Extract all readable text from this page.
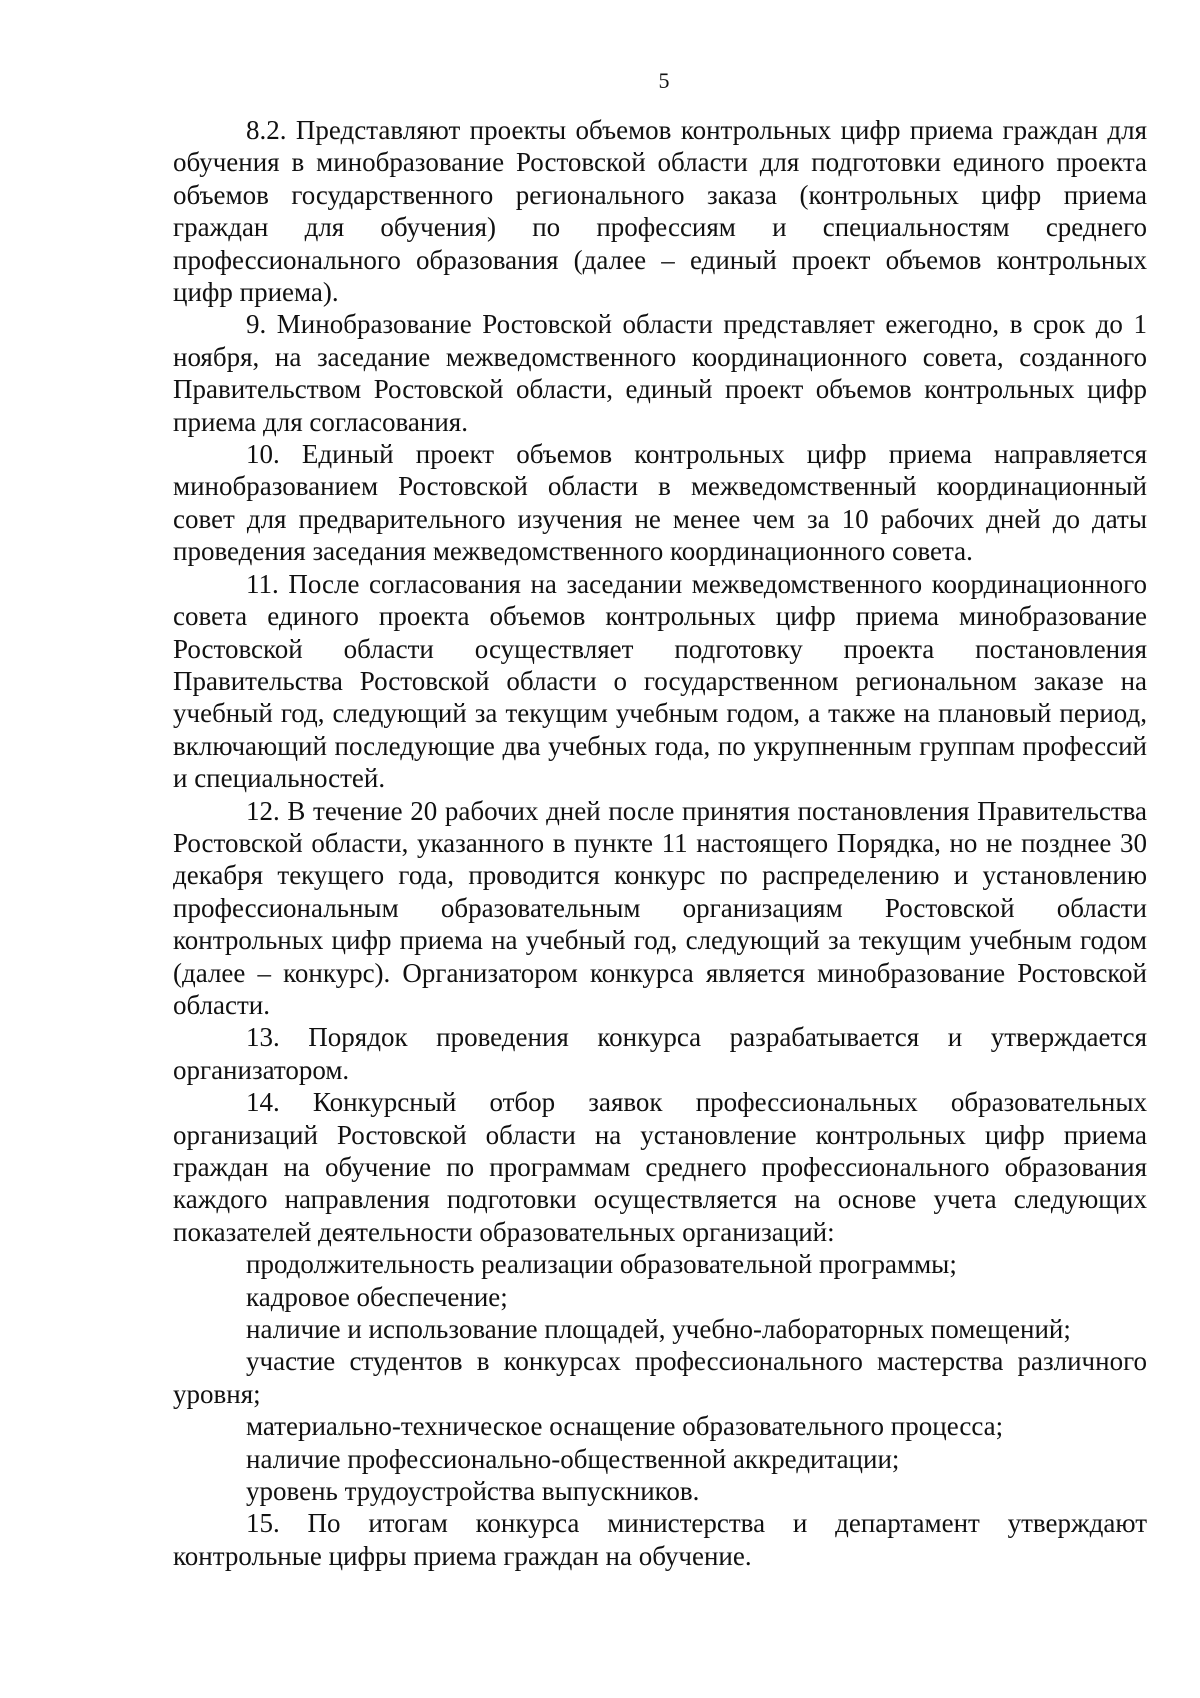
5

8.2. Представляют проекты объемов контрольных цифр приема граждан для обучения в минобразование Ростовской области для подготовки единого проекта объемов государственного регионального заказа (контрольных цифр приема граждан для обучения) по профессиям и специальностям среднего профессионального образования (далее – единый проект объемов контрольных цифр приема).

9. Минобразование Ростовской области представляет ежегодно, в срок до 1 ноября, на заседание межведомственного координационного совета, созданного Правительством Ростовской области, единый проект объемов контрольных цифр приема для согласования.

10. Единый проект объемов контрольных цифр приема направляется минобразованием Ростовской области в межведомственный координационный совет для предварительного изучения не менее чем за 10 рабочих дней до даты проведения заседания межведомственного координационного совета.

11. После согласования на заседании межведомственного координационного совета единого проекта объемов контрольных цифр приема минобразование Ростовской области осуществляет подготовку проекта постановления Правительства Ростовской области о государственном региональном заказе на учебный год, следующий за текущим учебным годом, а также на плановый период, включающий последующие два учебных года, по укрупненным группам профессий и специальностей.

12. В течение 20 рабочих дней после принятия постановления Правительства Ростовской области, указанного в пункте 11 настоящего Порядка, но не позднее 30 декабря текущего года, проводится конкурс по распределению и установлению профессиональным образовательным организациям Ростовской области контрольных цифр приема на учебный год, следующий за текущим учебным годом (далее – конкурс). Организатором конкурса является минобразование Ростовской области.

13. Порядок проведения конкурса разрабатывается и утверждается организатором.

14. Конкурсный отбор заявок профессиональных образовательных организаций Ростовской области на установление контрольных цифр приема граждан на обучение по программам среднего профессионального образования каждого направления подготовки осуществляется на основе учета следующих показателей деятельности образовательных организаций:

продолжительность реализации образовательной программы;

кадровое обеспечение;

наличие и использование площадей, учебно-лабораторных помещений;

участие студентов в конкурсах профессионального мастерства различного уровня;

материально-техническое оснащение образовательного процесса;

наличие профессионально-общественной аккредитации;

уровень трудоустройства выпускников.

15. По итогам конкурса министерства и департамент утверждают контрольные цифры приема граждан на обучение.
